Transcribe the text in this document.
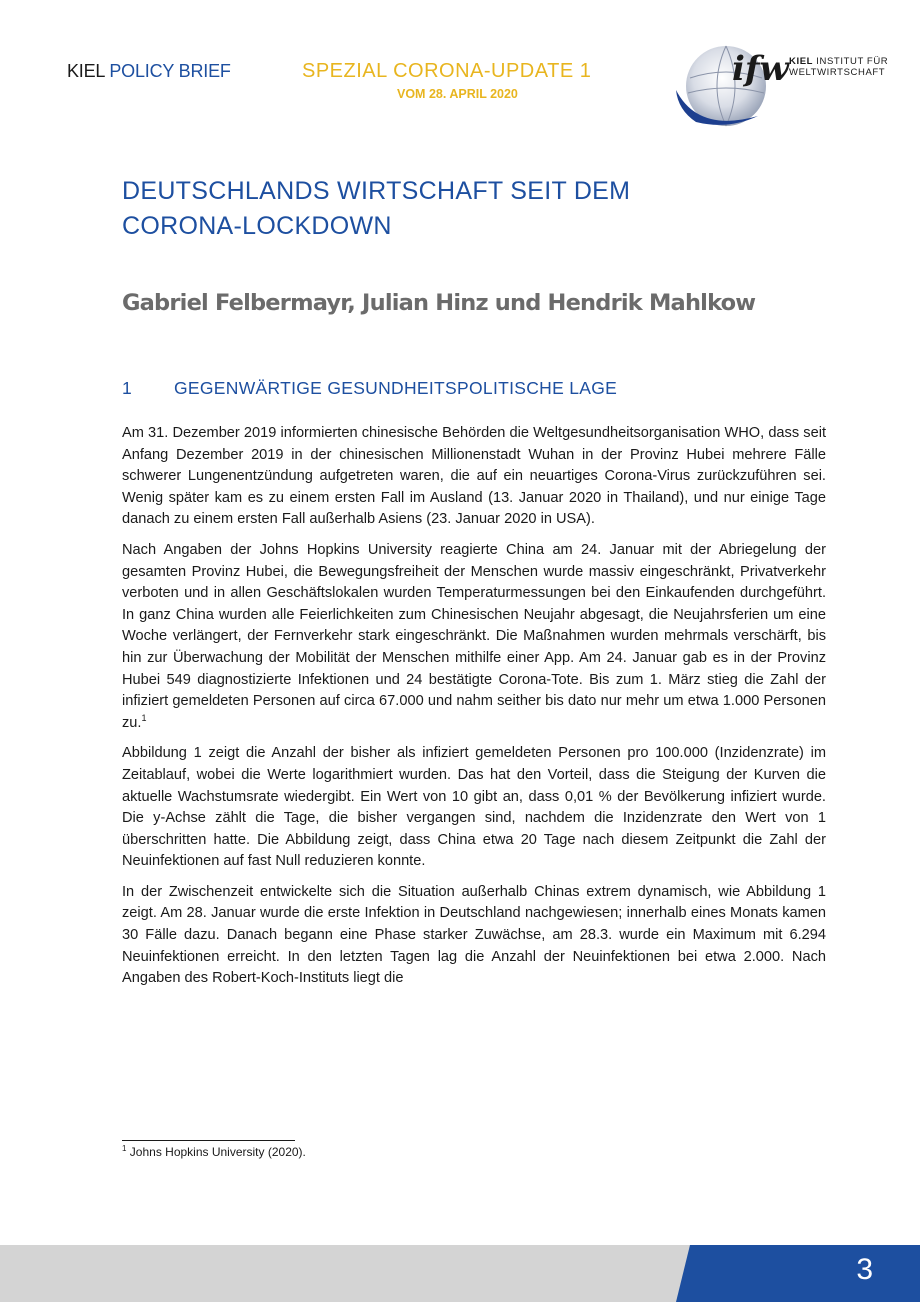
KIEL POLICY BRIEF	SPEZIAL CORONA-UPDATE 1
VOM 28. APRIL 2020
ifw KIEL INSTITUT FÜR
WELTWIRTSCHAFT
DEUTSCHLANDS WIRTSCHAFT SEIT DEM
CORONA-LOCKDOWN
Gabriel Felbermayr, Julian Hinz und Hendrik Mahlkow
1 GEGENWÄRTIGE GESUNDHEITSPOLITISCHE LAGE

Am 31. Dezember 2019 informierten chinesische Behörden die Weltgesundheitsorganisation WHO, dass seit Anfang Dezember 2019 in der chinesischen Millionenstadt Wuhan in der Provinz Hubei mehrere Fälle schwerer Lungenentzündung aufgetreten waren, die auf ein neuartiges Corona-Virus zurückzuführen sei. Wenig später kam es zu einem ersten Fall im Ausland (13. Januar 2020 in Thailand), und nur einige Tage danach zu einem ersten Fall außerhalb Asiens (23. Januar 2020 in USA).

Nach Angaben der Johns Hopkins University reagierte China am 24. Januar mit der Abriegelung der gesamten Provinz Hubei, die Bewegungsfreiheit der Menschen wurde massiv eingeschränkt, Privatverkehr verboten und in allen Geschäftslokalen wurden Temperaturmessungen bei den Einkaufenden durchgeführt. In ganz China wurden alle Feierlichkeiten zum Chinesischen Neujahr abgesagt, die Neujahrsferien um eine Woche verlängert, der Fernverkehr stark eingeschränkt. Die Maßnahmen wurden mehrmals verschärft, bis hin zur Überwachung der Mobilität der Menschen mithilfe einer App. Am 24. Januar gab es in der Provinz Hubei 549 diagnostizierte Infektionen und 24 bestätigte Corona-Tote. Bis zum 1. März stieg die Zahl der infiziert gemeldeten Personen auf circa 67.000 und nahm seither bis dato nur mehr um etwa 1.000 Personen zu.$^1$

Abbildung 1 zeigt die Anzahl der bisher als infiziert gemeldeten Personen pro 100.000 (Inzidenzrate) im Zeitablauf, wobei die Werte logarithmiert wurden. Das hat den Vorteil, dass die Steigung der Kurven die aktuelle Wachstumsrate wiedergibt. Ein Wert von 10 gibt an, dass 0,01 % der Bevölkerung infiziert wurde. Die y-Achse zählt die Tage, die bisher vergangen sind, nachdem die Inzidenzrate den Wert von 1 überschritten hatte. Die Abbildung zeigt, dass China etwa 20 Tage nach diesem Zeitpunkt die Zahl der Neuinfektionen auf fast Null reduzieren konnte.

In der Zwischenzeit entwickelte sich die Situation außerhalb Chinas extrem dynamisch, wie Abbildung 1 zeigt. Am 28. Januar wurde die erste Infektion in Deutschland nachgewiesen; innerhalb eines Monats kamen 30 Fälle dazu. Danach begann eine Phase starker Zuwächse, am 28.3. wurde ein Maximum mit 6.294 Neuinfektionen erreicht. In den letzten Tagen lag die Anzahl der Neuinfektionen bei etwa 2.000. Nach Angaben des Robert-Koch-Instituts liegt die

$^1$ Johns Hopkins University (2020).
3
